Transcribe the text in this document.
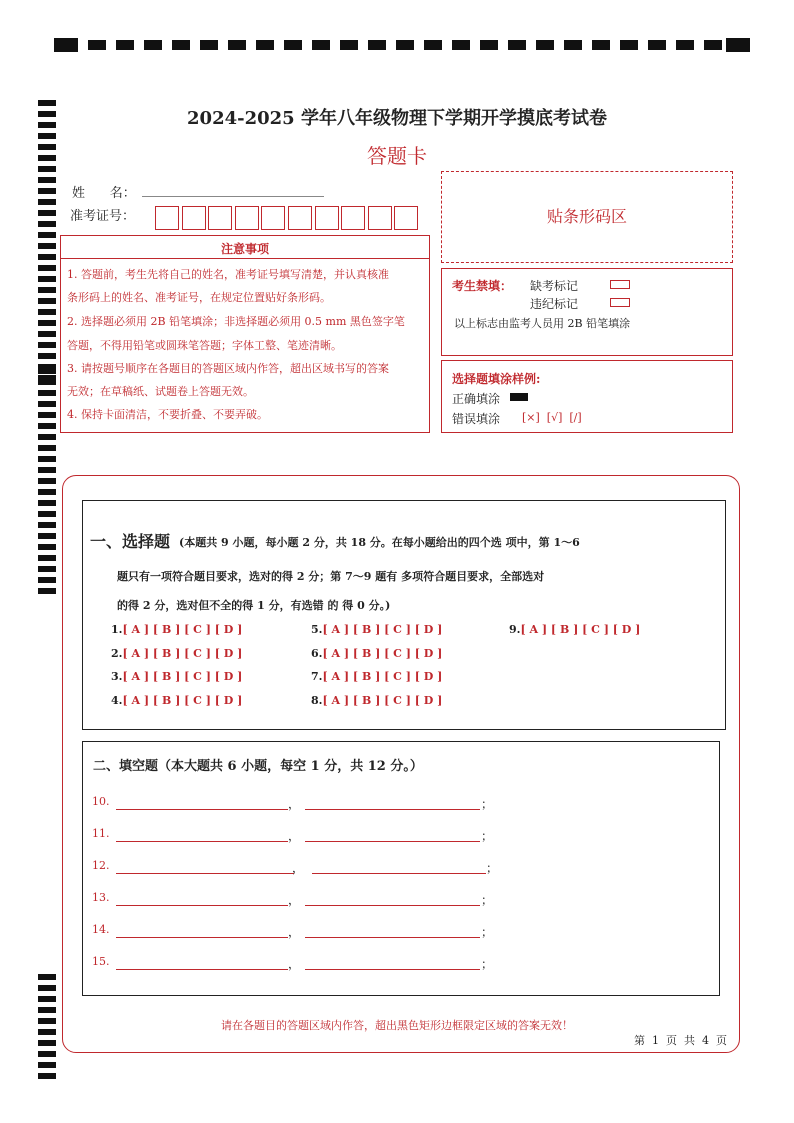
2024-2025 学年八年级物理下学期开学摸底考试卷
答题卡
姓      名：
准考证号：	贴条形码区
注意事项
1. 答题前，考生先将自己的姓名，准考证号填写清楚，并认真核准
条形码上的姓名、准考证号，在规定位置贴好条形码。
2. 选择题必须用 2B 铅笔填涂；非选择题必须用 0.5 mm 黑色签字笔
答题，不得用铅笔或圆珠笔答题；字体工整、笔迹清晰。
3. 请按题号顺序在各题目的答题区域内作答，超出区域书写的答案
无效；在草稿纸、试题卷上答题无效。
4. 保持卡面清洁，不要折叠、不要弄破。
考生禁填： 缺考标记
违纪标记
以上标志由监考人员用 2B 铅笔填涂
选择题填涂样例:
正确填涂
错误填涂 [×]  [√]  [/]
一、选择题 (本题共 9 小题，每小题 2 分，共 18 分。在每小题给出的四个选 项中，第 1～6
题只有一项符合题目要求，选对的得 2 分；第 7～9 题有 多项符合题目要求，全部选对
的得 2 分，选对但不全的得 1 分，有选错 的 得 0 分。)
1.[ A ] [ B ] [ C ] [ D ]
2.[ A ] [ B ] [ C ] [ D ]
3.[ A ] [ B ] [ C ] [ D ]
4.[ A ] [ B ] [ C ] [ D ]
5.[ A ] [ B ] [ C ] [ D ]
6.[ A ] [ B ] [ C ] [ D ]
7.[ A ] [ B ] [ C ] [ D ]
8.[ A ] [ B ] [ C ] [ D ]
9.[ A ] [ B ] [ C ] [ D ]
二、填空题（本大题共 6 小题，每空 1 分，共 12 分。）
10.	，	；
11.	，	；
12.	，	；
13.	，	；
14.	，	；
15.	，	；
请在各题目的答题区域内作答，超出黑色矩形边框限定区域的答案无效！
第  1  页  共  4  页
